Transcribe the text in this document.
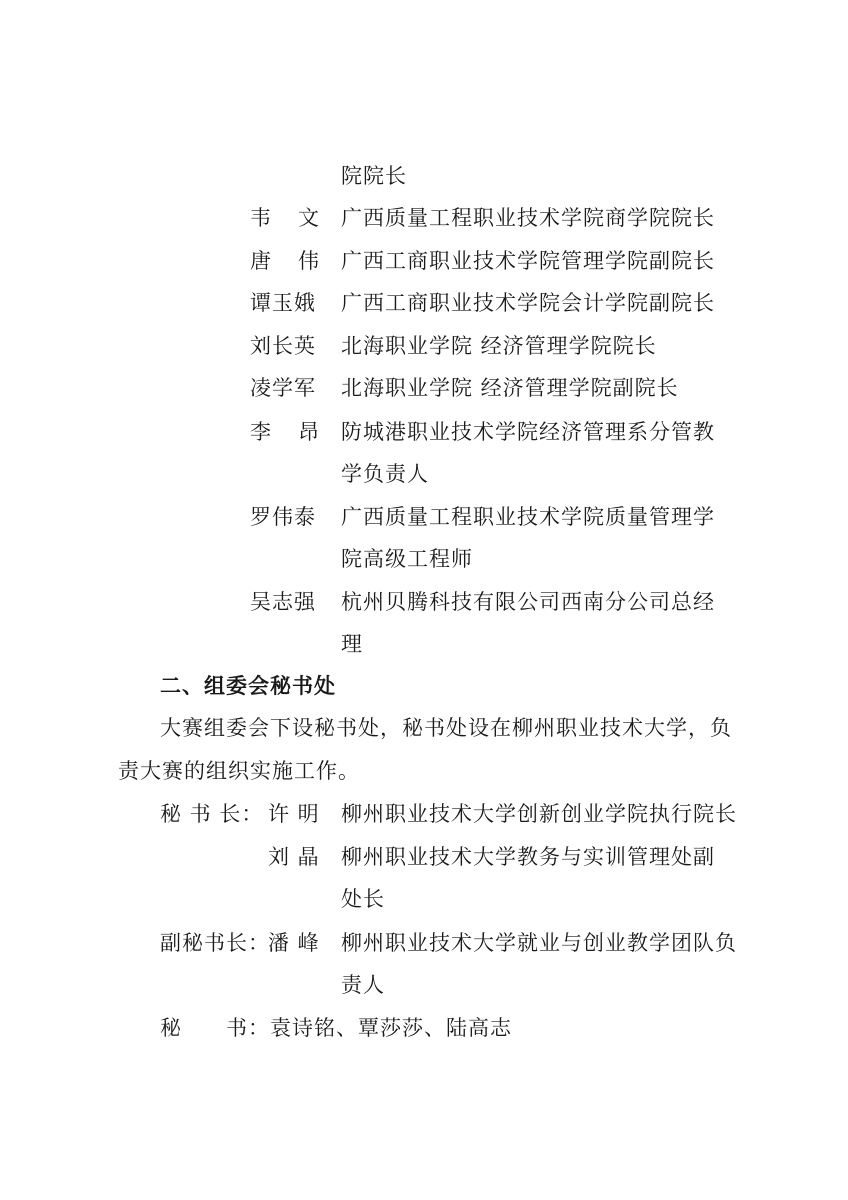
院院长
韦 文 广西质量工程职业技术学院商学院院长
唐 伟 广西工商职业技术学院管理学院副院长
谭玉娥 广西工商职业技术学院会计学院副院长
刘长英 北海职业学院 经济管理学院院长
凌学军 北海职业学院 经济管理学院副院长
李 昂 防城港职业技术学院经济管理系分管教
学负责人
罗伟泰 广西质量工程职业技术学院质量管理学
院高级工程师
吴志强 杭州贝腾科技有限公司西南分公司总经
理
二、组委会秘书处
大赛组委会下设秘书处，秘书处设在柳州职业技术大学，负
责大赛的组织实施工作。
秘 书 长： 许 明 柳州职业技术大学创新创业学院执行院长
刘 晶 柳州职业技术大学教务与实训管理处副
处长
副秘书长：
潘 峰 柳州职业技术大学就业与创业教学团队负
责人
秘　　书： 袁诗铭、覃莎莎、陆高志
